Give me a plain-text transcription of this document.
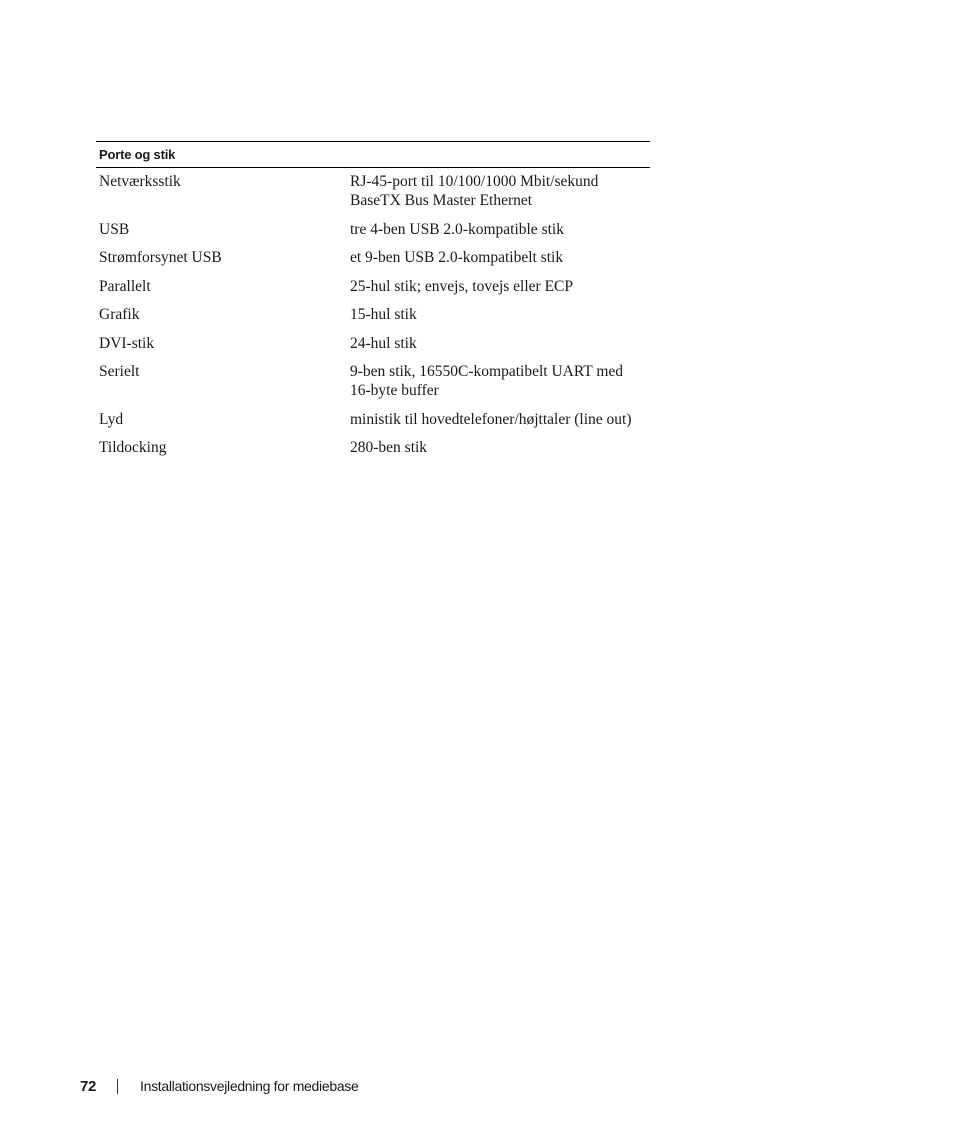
Porte og stik
Netværksstik	RJ-45-port til 10/100/1000 Mbit/sekund
BaseTX Bus Master Ethernet
USB	tre 4-ben USB 2.0-kompatible stik
Strømforsynet USB	et 9-ben USB 2.0-kompatibelt stik
Parallelt	25-hul stik; envejs, tovejs eller ECP
Grafik	15-hul stik
DVI-stik	24-hul stik
Serielt	9-ben stik, 16550C-kompatibelt UART med
16-byte buffer
Lyd	ministik til hovedtelefoner/højttaler (line out)
Tildocking	280-ben stik
72	Installationsvejledning for mediebase
